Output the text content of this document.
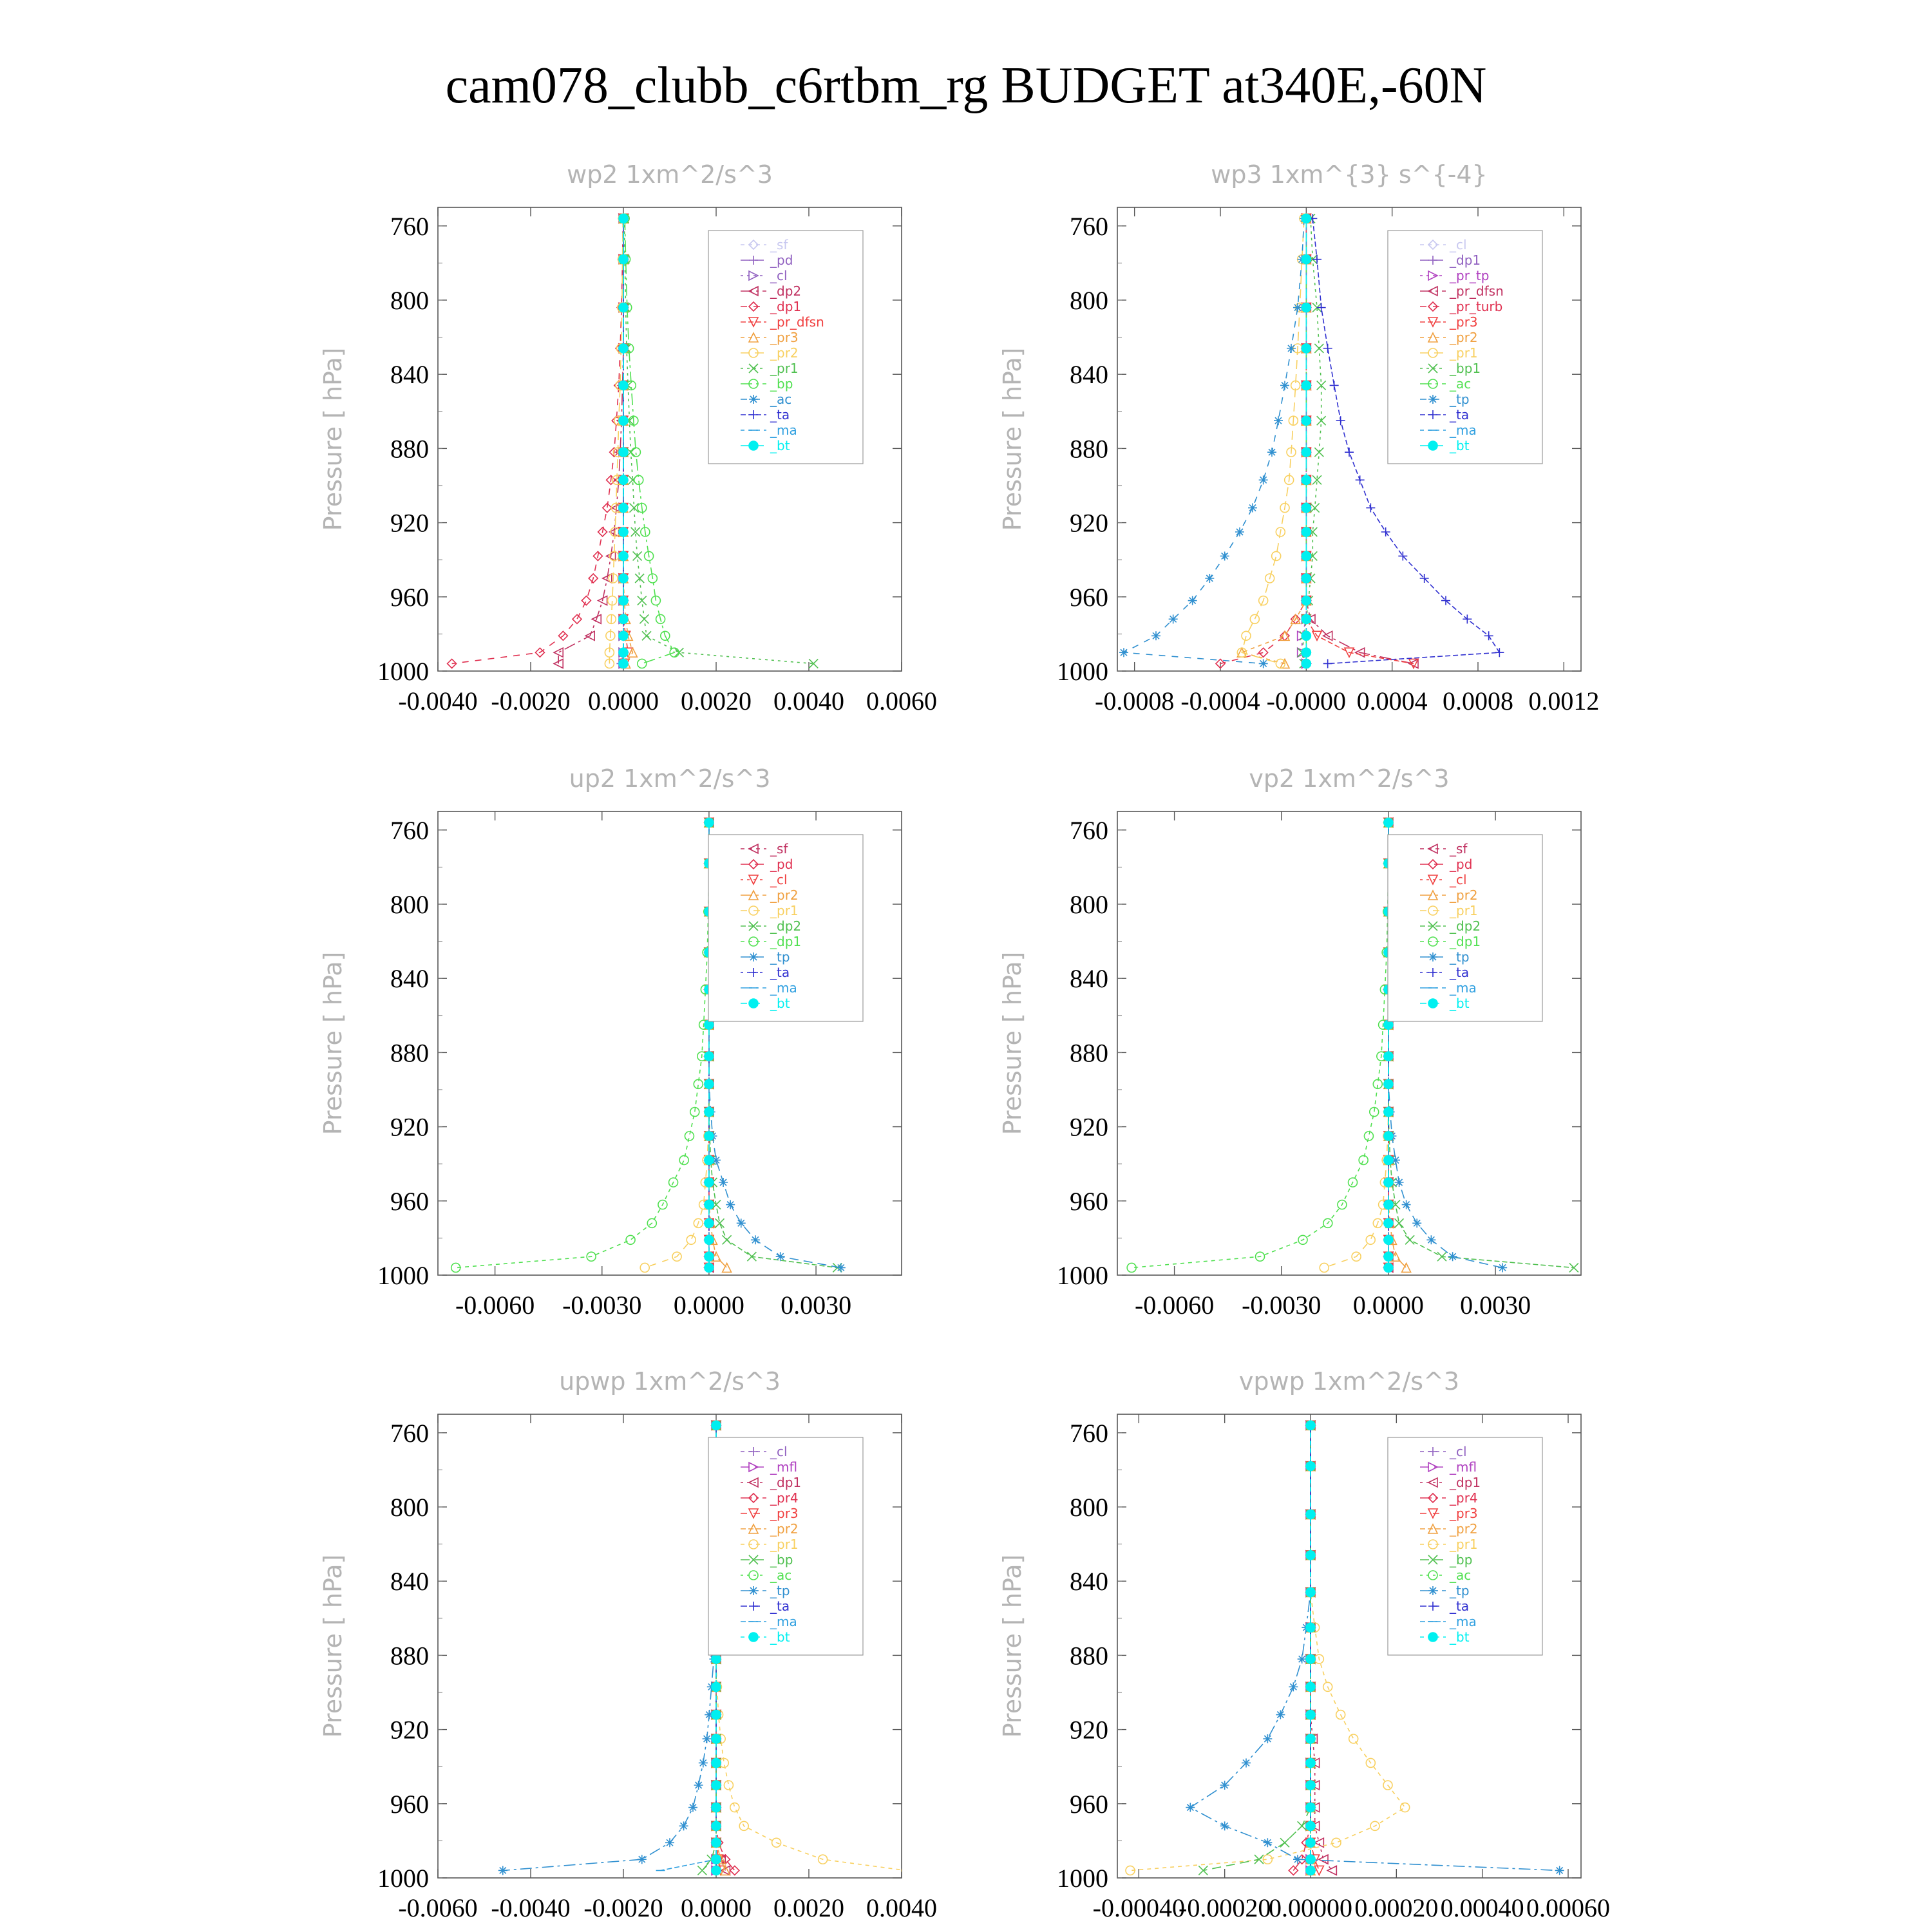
cam078_clubb_c6rtbm_rg BUDGET at340E,-60N
wp2 1xm^2/s^3
Pressure [ hPa]
760
800
840
880
920
960
1000
-0.0040 -0.0020 0.0000 0.0020 0.0040 0.0060
_sf
_pd
_cl
_dp2
_dp1
_pr_dfsn
_pr3
_pr2
_pr1
_bp
_ac
_ta
_ma
_bt
wp3 1xm^{3} s^{-4}
Pressure [ hPa]
760
800
840
880
920
960
1000
-0.0008 -0.0004 -0.0000 0.0004 0.0008 0.0012
_cl
_dp1
_pr_tp
_pr_dfsn
_pr_turb
_pr3
_pr2
_pr1
_bp1
_ac
_tp
_ta
_ma
_bt
up2 1xm^2/s^3
Pressure [ hPa]
760
800
840
880
920
960
1000
-0.0060 -0.0030 0.0000 0.0030
_sf
_pd
_cl
_pr2
_pr1
_dp2
_dp1
_tp
_ta
_ma
_bt
vp2 1xm^2/s^3
Pressure [ hPa]
760
800
840
880
920
960
1000
-0.0060 -0.0030 0.0000 0.0030
_sf
_pd
_cl
_pr2
_pr1
_dp2
_dp1
_tp
_ta
_ma
_bt
upwp 1xm^2/s^3
Pressure [ hPa]
760
800
840
880
920
960
1000
-0.0060 -0.0040 -0.0020 0.0000 0.0020 0.0040
_cl
_mfl
_dp1
_pr4
_pr3
_pr2
_pr1
_bp
_ac
_tp
_ta
_ma
_bt
vpwp 1xm^2/s^3
Pressure [ hPa]
760
800
840
880
920
960
1000
-0.00040
-0.00020
0.00000 0.00020 0.00040 0.00060
_cl
_mfl
_dp1
_pr4
_pr3
_pr2
_pr1
_bp
_ac
_tp
_ta
_ma
_bt
